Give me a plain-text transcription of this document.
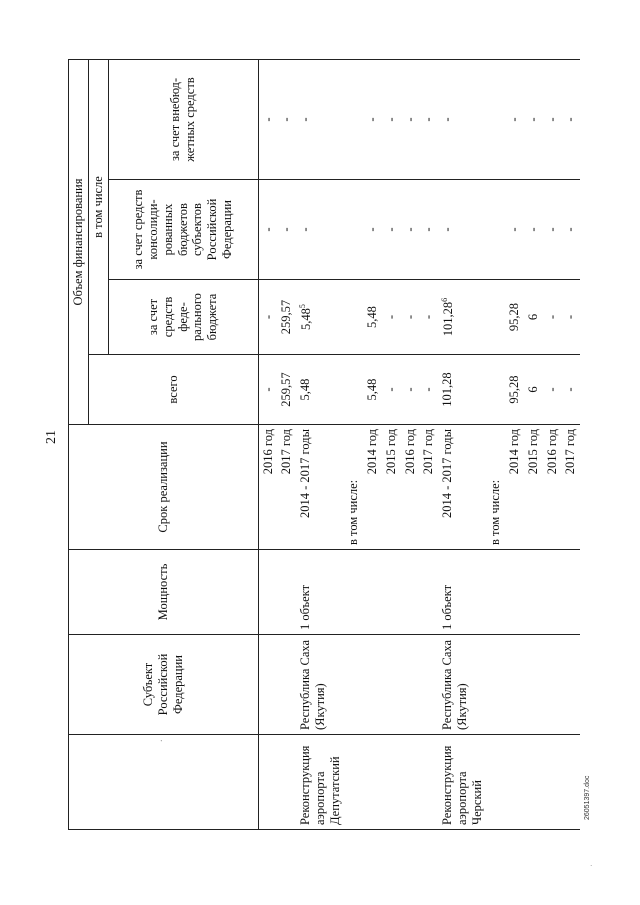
21
26051397.doc
·
·	Субъект Российской Федерации	Мощность	Срок реализации	Объем финансирования			
				всего	в том числе		
					за счет средств феде-рального бюджета	за счет средств консолиди-рованных бюджетов субъектов Российской Федерации	за счет внебюд-жетных средств
			2016 год	-	-	-	-
			2017 год	259,57	259,57	-	-
Реконструкция аэропорта Депутатский	Республика Саха (Якутия)	1 объект	2014 - 2017 годы	5,48	5,48$^5$	-	-
			в том числе:				
			2014 год	5,48	5,48	-	-
			2015 год	-	-	-	-
			2016 год	-	-	-	-
			2017 год	-	-	-	-
Реконструкция аэропорта Черский	Республика Саха (Якутия)	1 объект	2014 - 2017 годы	101,28	101,28$^6$	-	-
			в том числе:				
			2014 год	95,28	95,28	-	-
			2015 год	6	6	-	-
			2016 год	-	-	-	-
			2017 год	-	-	-	-
